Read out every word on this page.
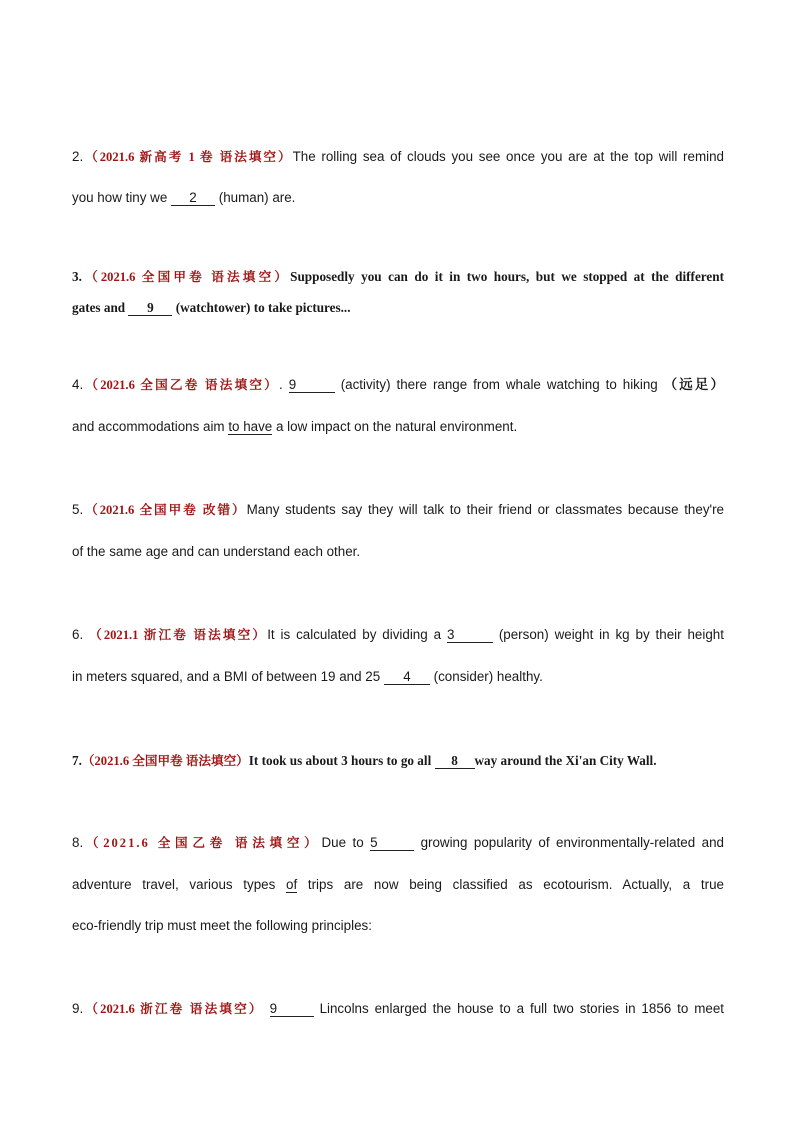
2.（2021.6 新高考 1 卷 语法填空）The rolling sea of clouds you see once you are at the top will remind
you how tiny we 2 (human) are.
3.（2021.6 全国甲卷 语法填空）Supposedly you can do it in two hours, but we stopped at the different
gates and 9 (watchtower) to take pictures...
4.（2021.6 全国乙卷 语法填空）. 9	(activity) there range from whale watching to hiking （远足）
and accommodations aim to have a low impact on the natural environment.
5.（2021.6 全国甲卷 改错）Many students say they will talk to their friend or classmates because they're
of the same age and can understand each other.
6. （2021.1 浙江卷 语法填空）It is calculated by dividing a 3	(person) weight in kg by their height
in meters squared, and a BMI of between 19 and 25 4 (consider) healthy.
7.（2021.6 全国甲卷 语法填空）It took us about 3 hours to go all 8 way around the Xi'an City Wall.
8.（2021.6 全国乙卷 语法填空）Due to 5	growing popularity of environmentally-related and
adventure travel, various types of trips are now being classified as ecotourism. Actually, a true
eco-friendly trip must meet the following principles:
9.（2021.6 浙江卷 语法填空） 9	Lincolns enlarged the house to a full two stories in 1856 to meet
